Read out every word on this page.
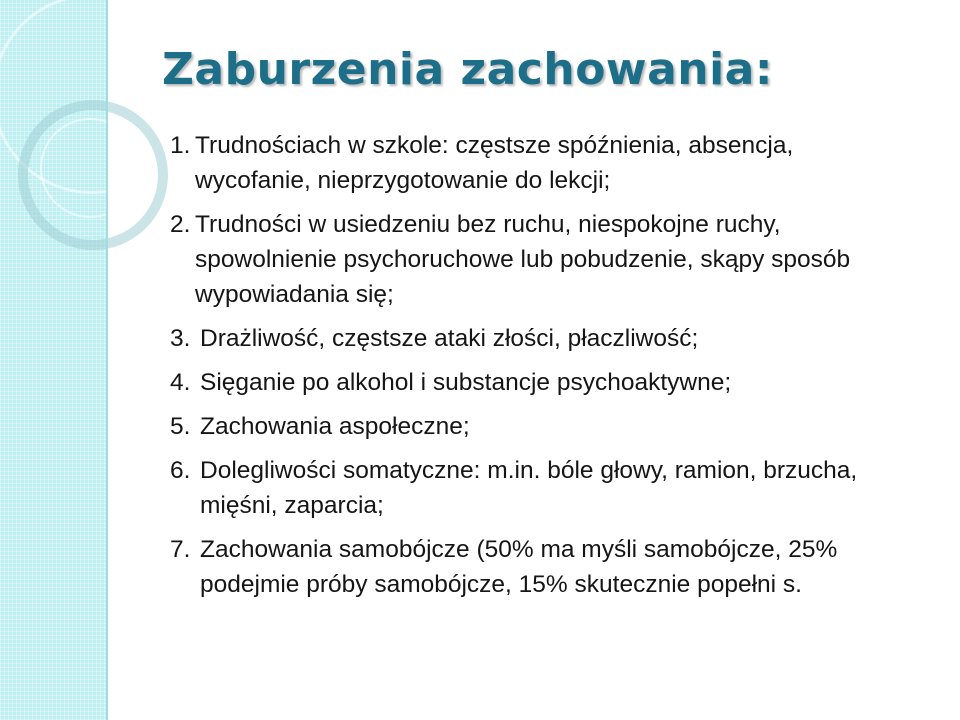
Zaburzenia zachowania:
1. Trudnościach w szkole: częstsze spóźnienia, absencja, wycofanie, nieprzygotowanie do lekcji;
2. Trudności w usiedzeniu bez ruchu, niespokojne ruchy, spowolnienie psychoruchowe lub pobudzenie, skąpy sposób wypowiadania się;
3. Drażliwość, częstsze ataki złości, płaczliwość;
4. Sięganie po alkohol i substancje psychoaktywne;
5. Zachowania aspołeczne;
6. Dolegliwości somatyczne: m.in. bóle głowy, ramion, brzucha, mięśni, zaparcia;
7. Zachowania samobójcze (50% ma myśli samobójcze, 25% podejmie próby samobójcze, 15% skutecznie popełni s.
